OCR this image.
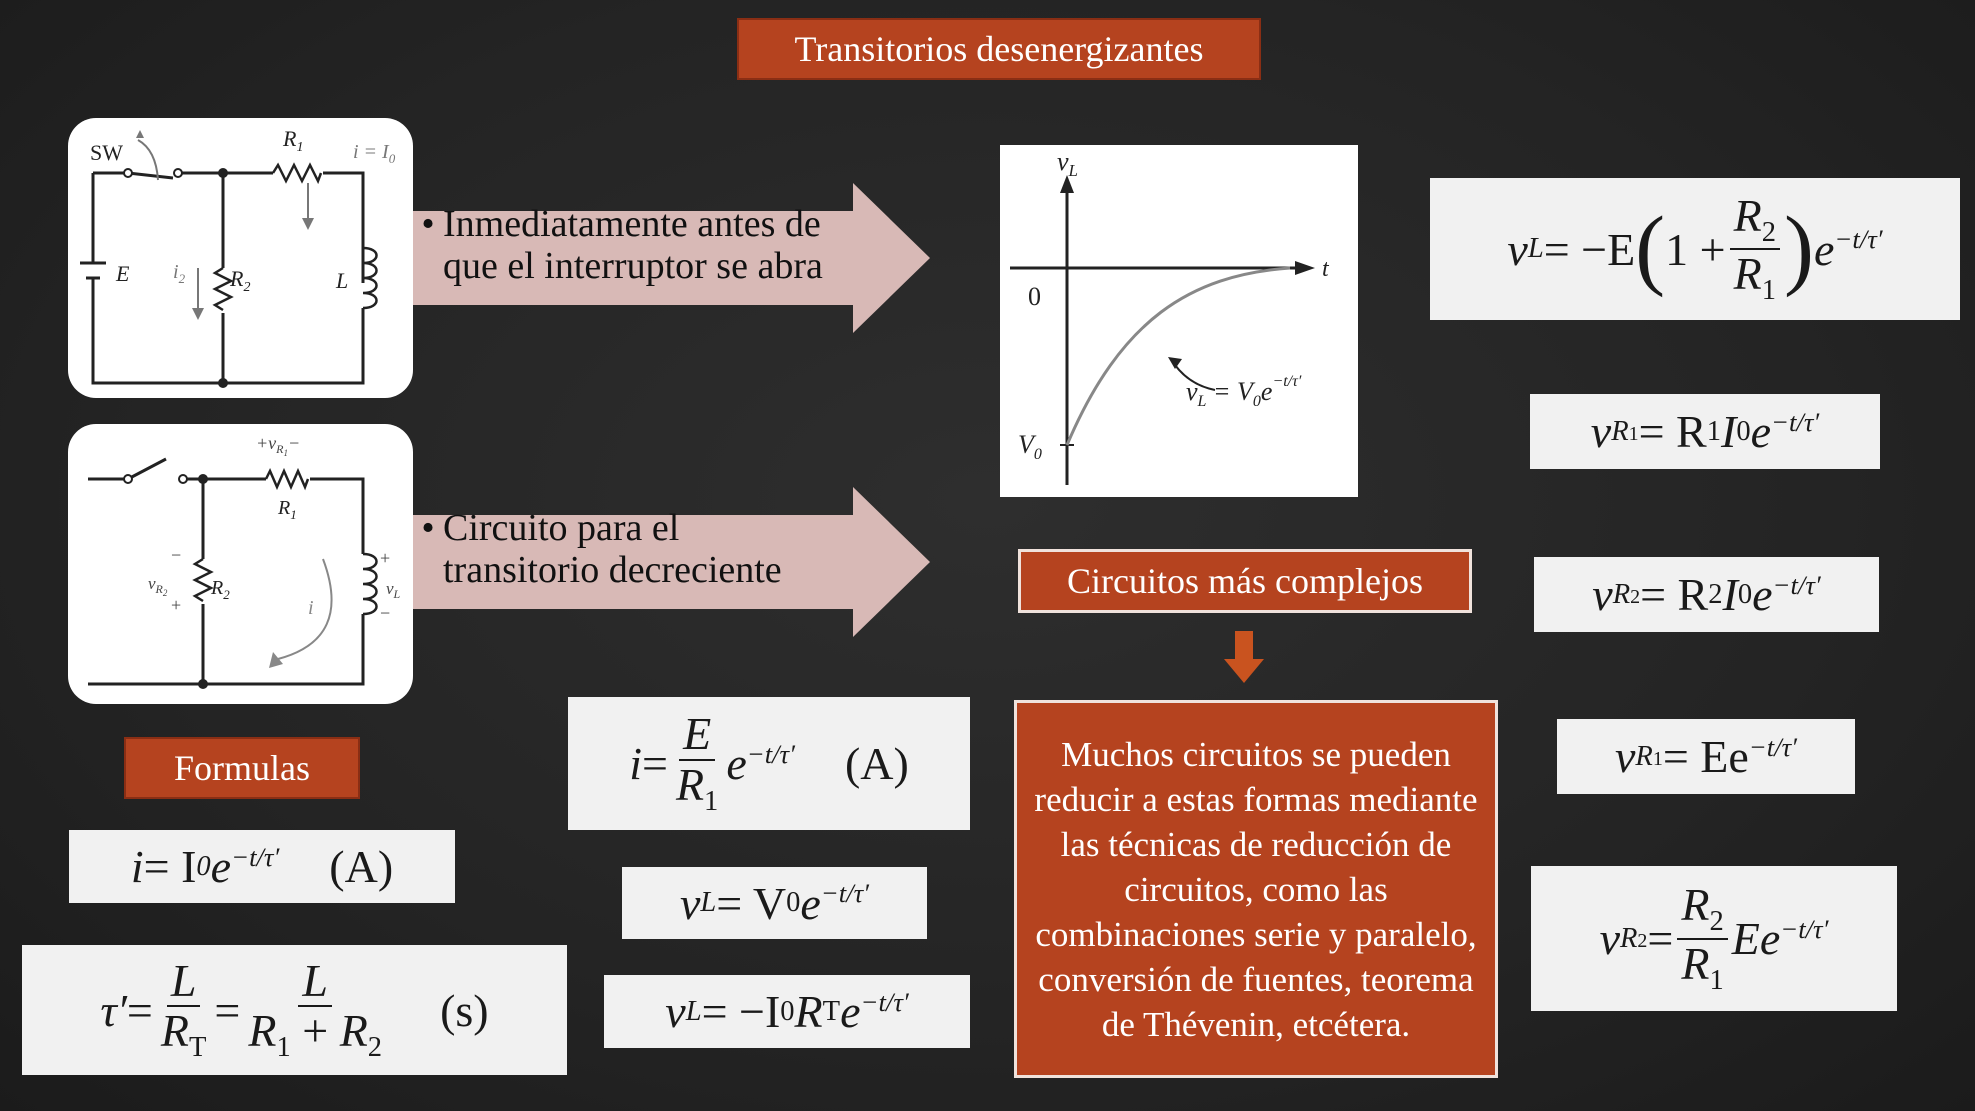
Transitorios desenergizantes
SW
$R_1$ $i = I_0$
E $i_2$ $R_2$	L
$+v_R1-$
$R_1$
−
$v_R2$
+
$R_2$
+
$v_L$
−
i
• Inmediatamente antes de
que el interruptor se abra
• Circuito para el
transitorio decreciente
$v_L$
t
0
$V_0$
$v_L = V_0e^{-t/\tau'}$
Formulas
Circuitos más complejos
Muchos circuitos se pueden reducir a estas formas mediante las técnicas de reducción de circuitos, como las combinaciones serie y paralelo, conversión de fuentes, teorema de Thévenin, etcétera.
i = I 0 $e^{-t/\tau'}$ (A)
$\tau' = \frac{L}{R_T} = \frac{L}{R_1 + R_2} (s)$
$i = \frac{E}{R_1} e^{-t/\tau'}$ (A)
v L = V 0 $e^{-t/\tau'}$
v L = −I 0 R T $e^{-t/\tau'}$
v L = −E ( $1 + \frac{R_2}{R_1}$ ) $e^{-t/\tau'}$
v R1 = R 1 I 0 $e^{-t/\tau'}$
v R2 = R 2 I 0 $e^{-t/\tau'}$
v $R1 = Ee^{-t/\tau'}$
v $R2 = \frac{R_2}{R_1} Ee^{-t/\tau'}$
